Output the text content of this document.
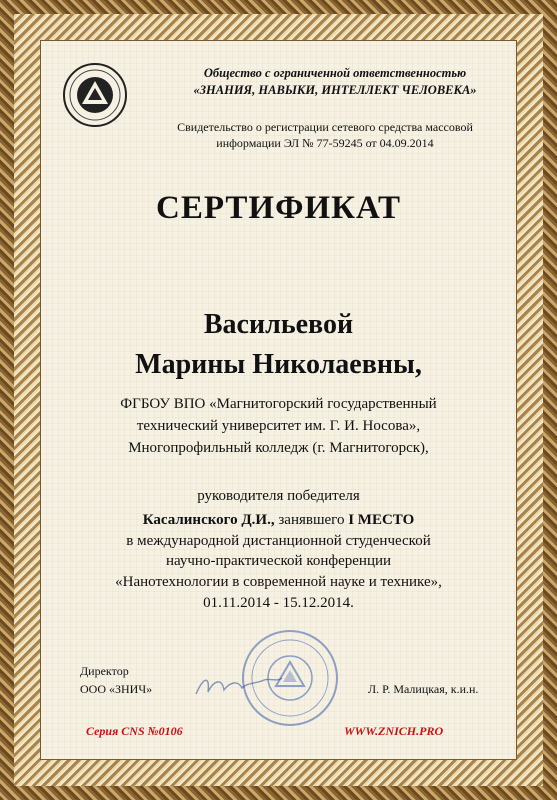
Общество с ограниченной ответственностью
«ЗНАНИЯ, НАВЫКИ, ИНТЕЛЛЕКТ ЧЕЛОВЕКА»
Свидетельство о регистрации сетевого средства массовой
информации ЭЛ № 77-59245 от 04.09.2014
СЕРТИФИКАТ
Васильевой
Марины Николаевны,
ФГБОУ ВПО «Магнитогорский государственный
технический университет им. Г. И. Носова»,
Многопрофильный колледж (г. Магнитогорск),
руководителя победителя
Касалинского Д.И., занявшего I МЕСТО
в международной дистанционной студенческой
научно-практической конференции
«Нанотехнологии в современной науке и технике»,
01.11.2014 - 15.12.2014.
Директор
ООО «ЗНИЧ»	Л. Р. Малицкая, к.и.н.
Серия CNS №0106	WWW.ZNICH.PRO
